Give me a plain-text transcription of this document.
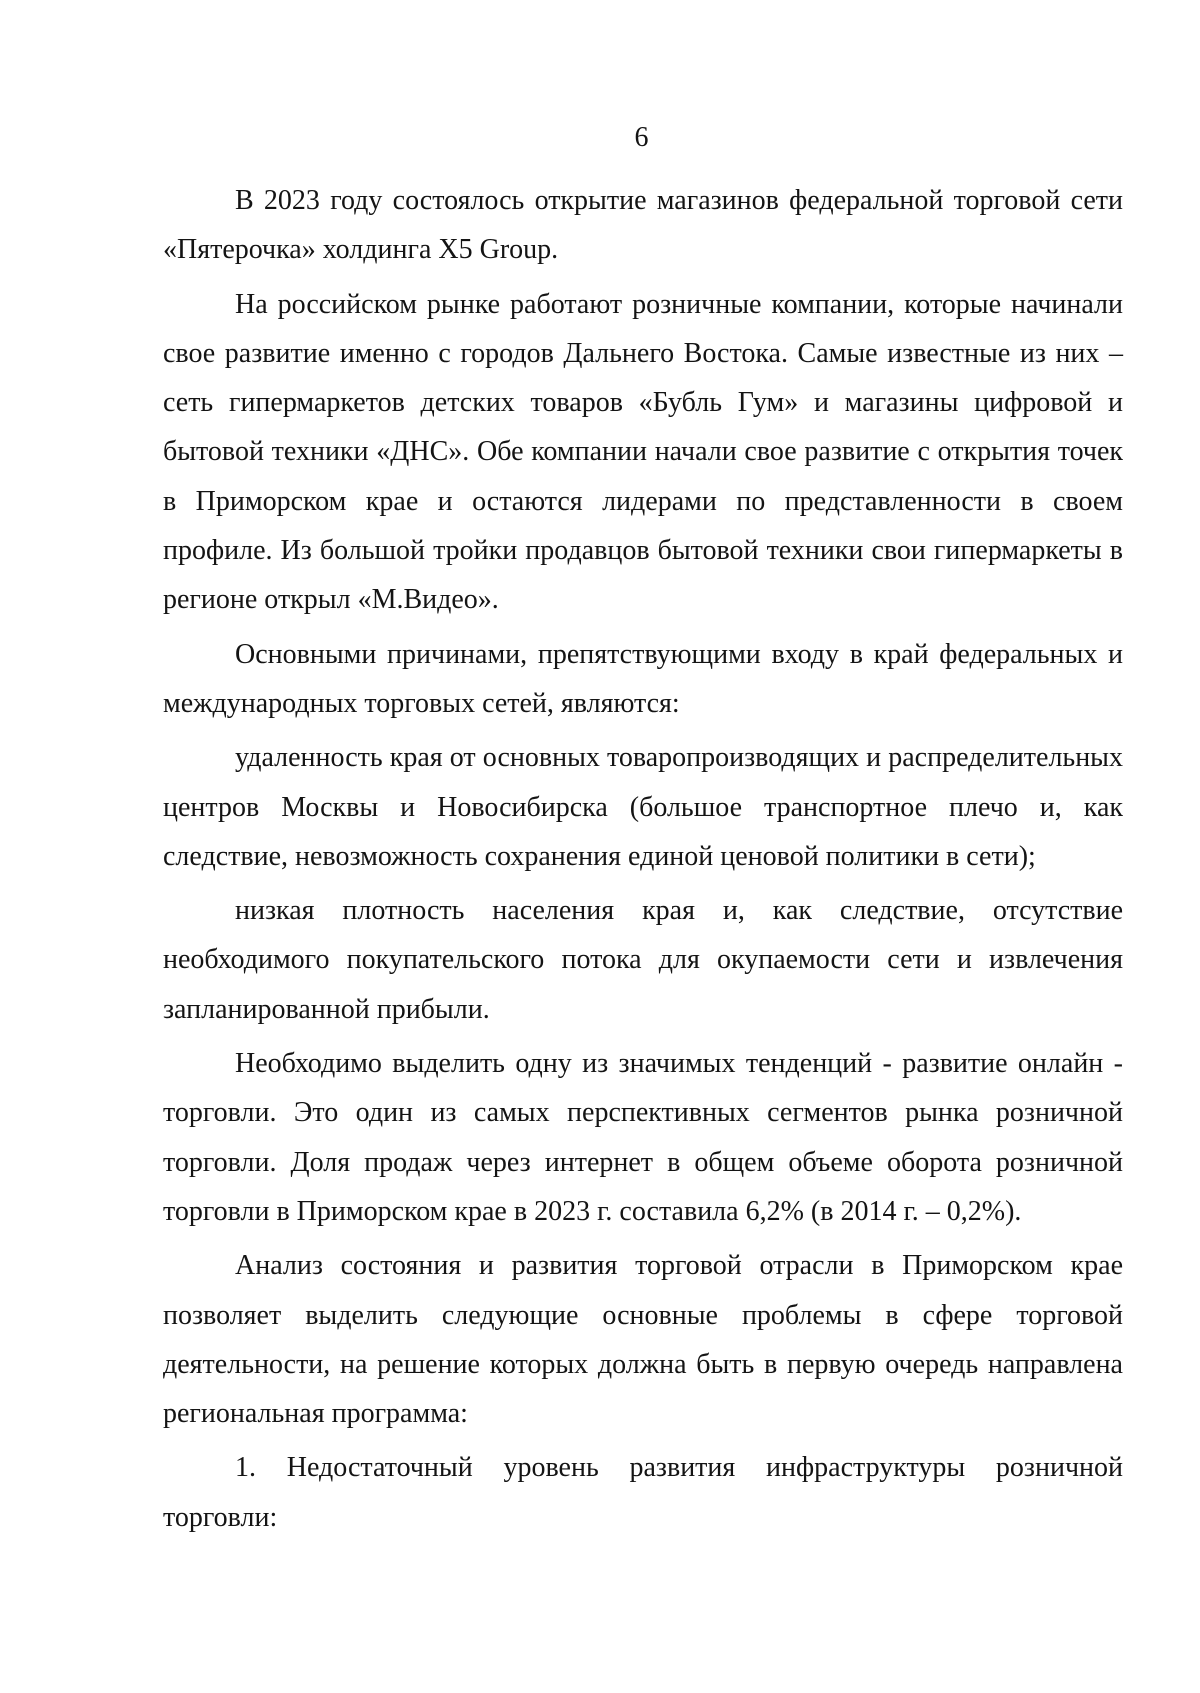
6

В 2023 году состоялось открытие магазинов федеральной торговой сети «Пятерочка» холдинга X5 Group.

На российском рынке работают розничные компании, которые начинали свое развитие именно с городов Дальнего Востока. Самые известные из них – сеть гипермаркетов детских товаров «Бубль Гум» и магазины цифровой и бытовой техники «ДНС». Обе компании начали свое развитие с открытия точек в Приморском крае и остаются лидерами по представленности в своем профиле. Из большой тройки продавцов бытовой техники свои гипермаркеты в регионе открыл «М.Видео».

Основными причинами, препятствующими входу в край федеральных и международных торговых сетей, являются:

удаленность края от основных товаропроизводящих и распределительных центров Москвы и Новосибирска (большое транспортное плечо и, как следствие, невозможность сохранения единой ценовой политики в сети);

низкая плотность населения края и, как следствие, отсутствие необходимого покупательского потока для окупаемости сети и извлечения запланированной прибыли.

Необходимо выделить одну из значимых тенденций - развитие онлайн - торговли. Это один из самых перспективных сегментов рынка розничной торговли. Доля продаж через интернет в общем объеме оборота розничной торговли в Приморском крае в 2023 г. составила 6,2% (в 2014 г. – 0,2%).

Анализ состояния и развития торговой отрасли в Приморском крае позволяет выделить следующие основные проблемы в сфере торговой деятельности, на решение которых должна быть в первую очередь направлена региональная программа:

1. Недостаточный уровень развития инфраструктуры розничной торговли:
